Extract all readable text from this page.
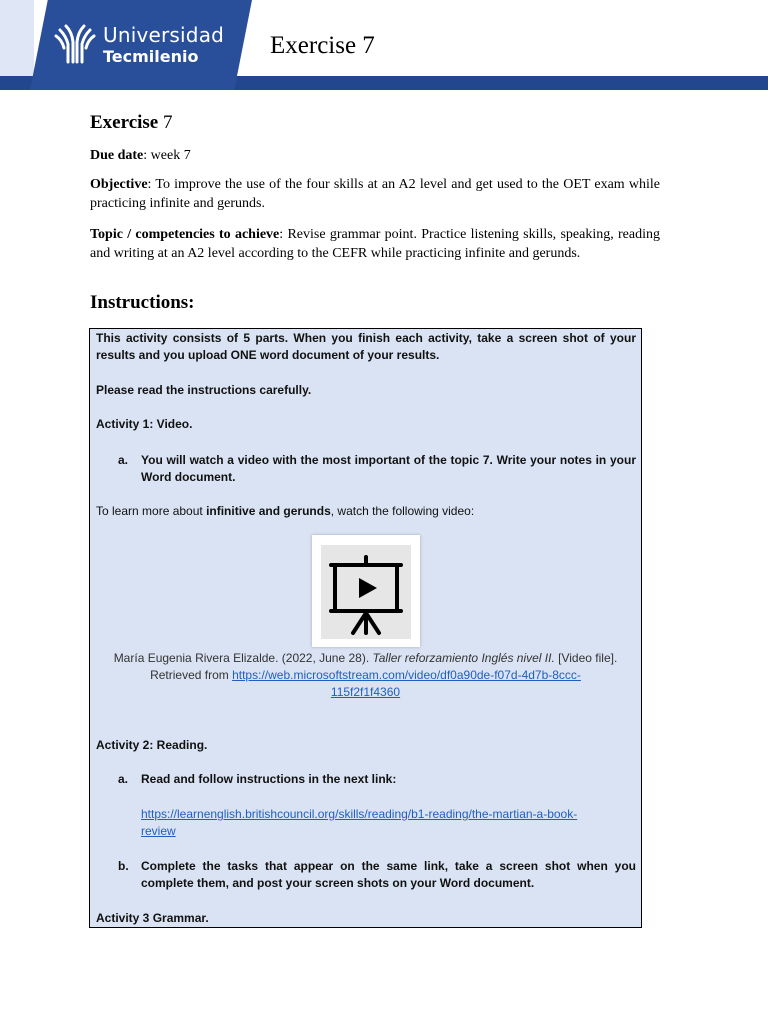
Universidad
Tecmilenio	Exercise 7
Exercise 7
Due date: week 7
Objective: To improve the use of the four skills at an A2 level and get used to the OET exam while practicing infinite and gerunds.
Topic / competencies to achieve: Revise grammar point. Practice listening skills, speaking, reading and writing at an A2 level according to the CEFR while practicing infinite and gerunds.
Instructions:
This activity consists of 5 parts. When you finish each activity, take a screen shot of your results and you upload ONE word document of your results.
Please read the instructions carefully.
Activity 1: Video.
a. You will watch a video with the most important of the topic 7. Write your notes in your Word document.
To learn more about infinitive and gerunds, watch the following video:
María Eugenia Rivera Elizalde. (2022, June 28). Taller reforzamiento Inglés nivel II. [Video file].
Retrieved from https://web.microsoftstream.com/video/df0a90de-f07d-4d7b-8ccc-
115f2f1f4360
Activity 2: Reading.
a. Read and follow instructions in the next link:
https://learnenglish.britishcouncil.org/skills/reading/b1-reading/the-martian-a-book-
review
b. Complete the tasks that appear on the same link, take a screen shot when you complete them, and post your screen shots on your Word document.
Activity 3 Grammar.
